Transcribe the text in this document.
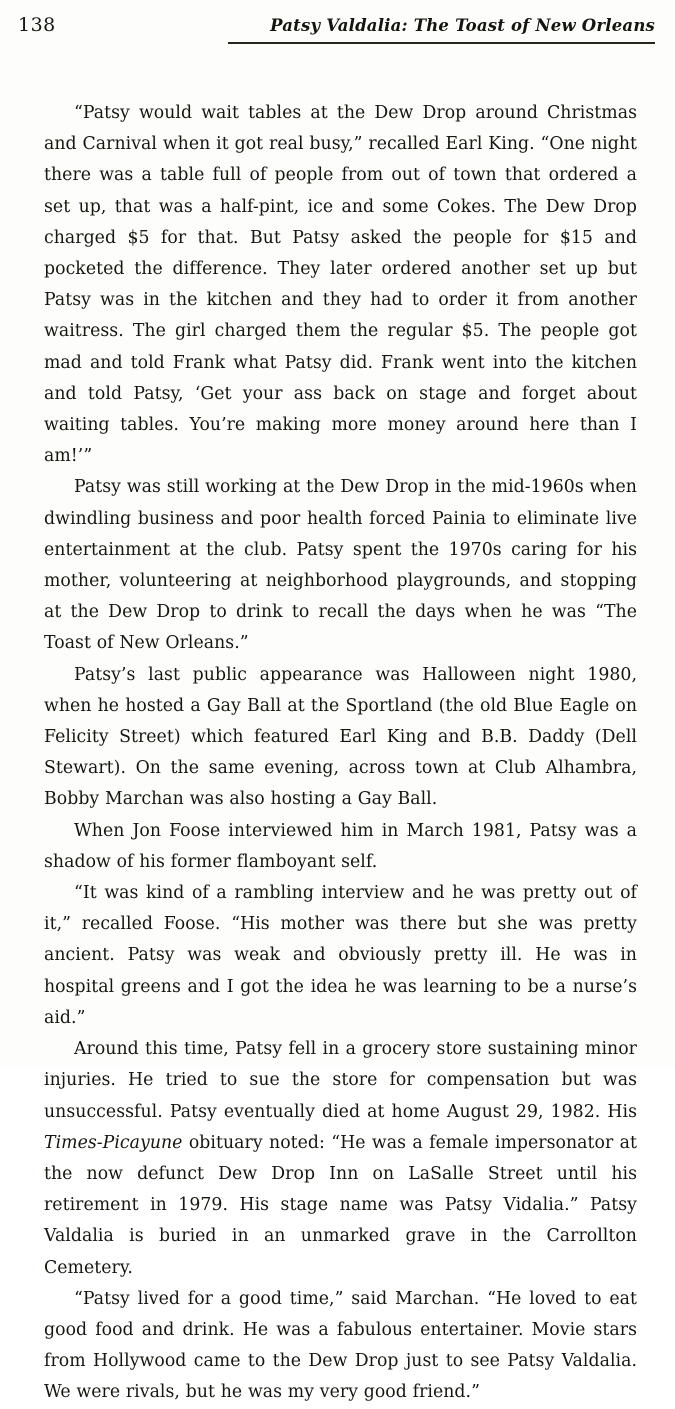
138	Patsy Valdalia: The Toast of New Orleans

“Patsy would wait tables at the Dew Drop around Christmas and Carnival when it got real busy,” recalled Earl King. “One night there was a table full of people from out of town that ordered a set up, that was a half-pint, ice and some Cokes. The Dew Drop charged $5 for that. But Patsy asked the people for $15 and pocketed the difference. They later ordered another set up but Patsy was in the kitchen and they had to order it from another waitress. The girl charged them the regular $5. The people got mad and told Frank what Patsy did. Frank went into the kitchen and told Patsy, ‘Get your ass back on stage and forget about waiting tables. You’re making more money around here than I am!’”

Patsy was still working at the Dew Drop in the mid-1960s when dwindling business and poor health forced Painia to eliminate live entertainment at the club. Patsy spent the 1970s caring for his mother, volunteering at neighborhood playgrounds, and stopping at the Dew Drop to drink to recall the days when he was “The Toast of New Orleans.”

Patsy’s last public appearance was Halloween night 1980, when he hosted a Gay Ball at the Sportland (the old Blue Eagle on Felicity Street) which featured Earl King and B.B. Daddy (Dell Stewart). On the same evening, across town at Club Alhambra, Bobby Marchan was also hosting a Gay Ball.

When Jon Foose interviewed him in March 1981, Patsy was a shadow of his former flamboyant self.

“It was kind of a rambling interview and he was pretty out of it,” recalled Foose. “His mother was there but she was pretty ancient. Patsy was weak and obviously pretty ill. He was in hospital greens and I got the idea he was learning to be a nurse’s aid.”

Around this time, Patsy fell in a grocery store sustaining minor injuries. He tried to sue the store for compensation but was unsuccessful. Patsy eventually died at home August 29, 1982. His Times-Picayune obituary noted: “He was a female impersonator at the now defunct Dew Drop Inn on LaSalle Street until his retirement in 1979. His stage name was Patsy Vidalia.” Patsy Valdalia is buried in an unmarked grave in the Carrollton Cemetery.

“Patsy lived for a good time,” said Marchan. “He loved to eat good food and drink. He was a fabulous entertainer. Movie stars from Hollywood came to the Dew Drop just to see Patsy Valdalia. We were rivals, but he was my very good friend.”
